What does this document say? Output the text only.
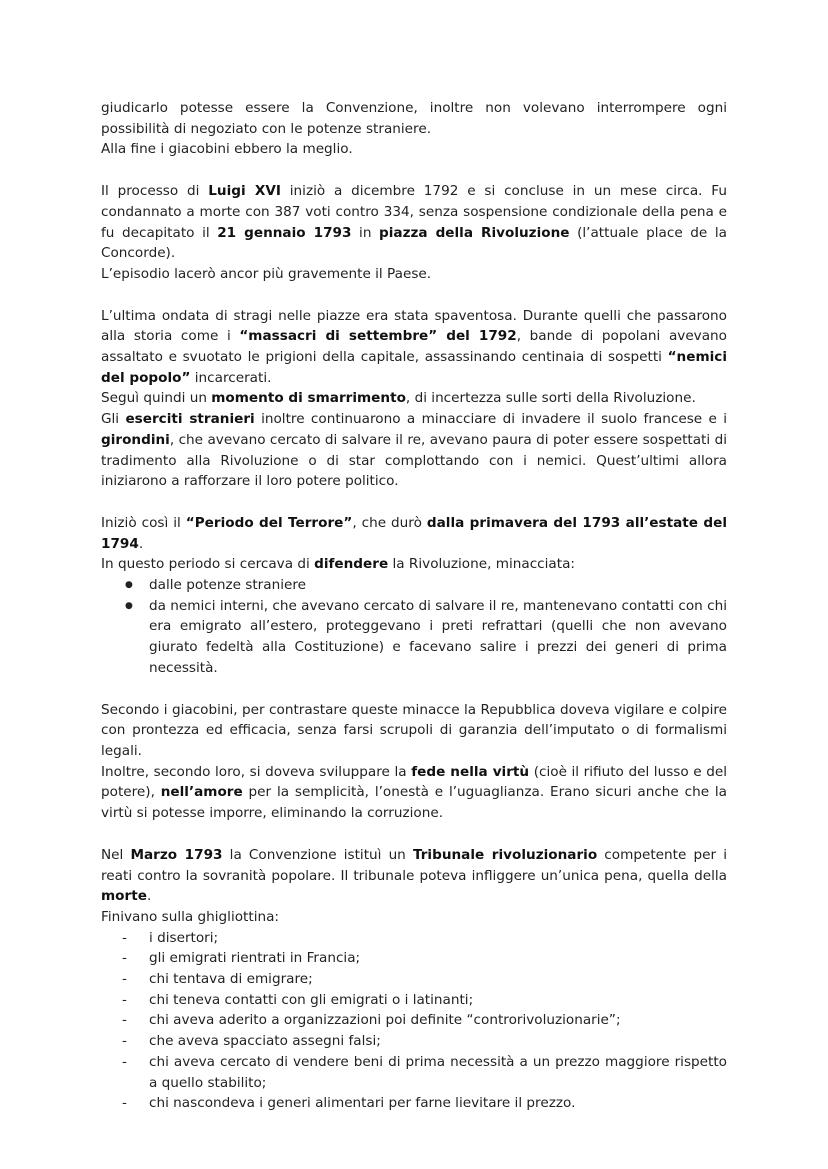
giudicarlo potesse essere la Convenzione, inoltre non volevano interrompere ogni possibilità di negoziato con le potenze straniere.

Alla fine i giacobini ebbero la meglio.

Il processo di Luigi XVI iniziò a dicembre 1792 e si concluse in un mese circa. Fu condannato a morte con 387 voti contro 334, senza sospensione condizionale della pena e fu decapitato il 21 gennaio 1793 in piazza della Rivoluzione (l’attuale place de la Concorde).

L’episodio lacerò ancor più gravemente il Paese.

L’ultima ondata di stragi nelle piazze era stata spaventosa. Durante quelli che passarono alla storia come i “massacri di settembre” del 1792, bande di popolani avevano assaltato e svuotato le prigioni della capitale, assassinando centinaia di sospetti “nemici del popolo” incarcerati.

Seguì quindi un momento di smarrimento, di incertezza sulle sorti della Rivoluzione.

Gli eserciti stranieri inoltre continuarono a minacciare di invadere il suolo francese e i girondini, che avevano cercato di salvare il re, avevano paura di poter essere sospettati di tradimento alla Rivoluzione o di star complottando con i nemici. Quest’ultimi allora iniziarono a rafforzare il loro potere politico.

Iniziò così il “Periodo del Terrore”, che durò dalla primavera del 1793 all’estate del 1794.

In questo periodo si cercava di difendere la Rivoluzione, minacciata:

● dalle potenze straniere
● da nemici interni, che avevano cercato di salvare il re, mantenevano contatti con chi era emigrato all’estero, proteggevano i preti refrattari (quelli che non avevano giurato fedeltà alla Costituzione) e facevano salire i prezzi dei generi di prima necessità.

Secondo i giacobini, per contrastare queste minacce la Repubblica doveva vigilare e colpire con prontezza ed efficacia, senza farsi scrupoli di garanzia dell’imputato o di formalismi legali.

Inoltre, secondo loro, si doveva sviluppare la fede nella virtù (cioè il rifiuto del lusso e del potere), nell’amore per la semplicità, l’onestà e l’uguaglianza. Erano sicuri anche che la virtù si potesse imporre, eliminando la corruzione.

Nel Marzo 1793 la Convenzione istituì un Tribunale rivoluzionario competente per i reati contro la sovranità popolare. Il tribunale poteva infliggere un’unica pena, quella della morte.

Finivano sulla ghigliottina:

- i disertori;
- gli emigrati rientrati in Francia;
- chi tentava di emigrare;
- chi teneva contatti con gli emigrati o i latinanti;
- chi aveva aderito a organizzazioni poi definite “controrivoluzionarie”;
- che aveva spacciato assegni falsi;
- chi aveva cercato di vendere beni di prima necessità a un prezzo maggiore rispetto a quello stabilito;
- chi nascondeva i generi alimentari per farne lievitare il prezzo.
